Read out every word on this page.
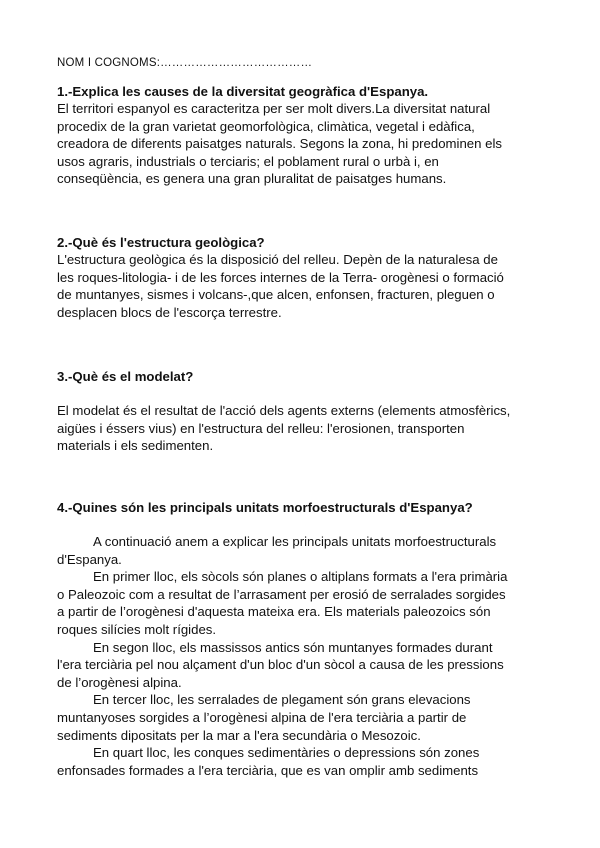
NOM I COGNOMS:…………………………………
1.-Explica les causes de la diversitat geogràfica d'Espanya.
El territori espanyol es caracteritza per ser molt divers.La diversitat natural
procedix de la gran varietat geomorfològica, climàtica, vegetal i edàfica,
creadora de diferents paisatges naturals. Segons la zona, hi predominen els
usos agraris, industrials o terciaris; el poblament rural o urbà i, en
conseqüència, es genera una gran pluralitat de paisatges humans.
2.-Què és l'estructura geològica?
L'estructura geològica és la disposició del relleu. Depèn de la naturalesa de
les roques-litologia- i de les forces internes de la Terra- orogènesi o formació
de muntanyes, sismes i volcans-,que alcen, enfonsen, fracturen, pleguen o
desplacen blocs de l'escorça terrestre.
3.-Què és el modelat?
El modelat és el resultat de l'acció dels agents externs (elements atmosfèrics,
aigües i éssers vius) en l'estructura del relleu: l'erosionen, transporten
materials i els sedimenten.
4.-Quines són les principals unitats morfoestructurals d'Espanya?
A continuació anem a explicar les principals unitats morfoestructurals
d'Espanya.
En primer lloc, els sòcols són planes o altiplans formats a l'era primària
o Paleozoic com a resultat de l’arrasament per erosió de serralades sorgides
a partir de l’orogènesi d'aquesta mateixa era. Els materials paleozoics són
roques silícies molt rígides.
En segon lloc, els massissos antics són muntanyes formades durant
l'era terciària pel nou alçament d'un bloc d'un sòcol a causa de les pressions
de l’orogènesi alpina.
En tercer lloc, les serralades de plegament són grans elevacions
muntanyoses sorgides a l’orogènesi alpina de l'era terciària a partir de
sediments dipositats per la mar a l'era secundària o Mesozoic.
En quart lloc, les conques sedimentàries o depressions són zones
enfonsades formades a l'era terciària, que es van omplir amb sediments
